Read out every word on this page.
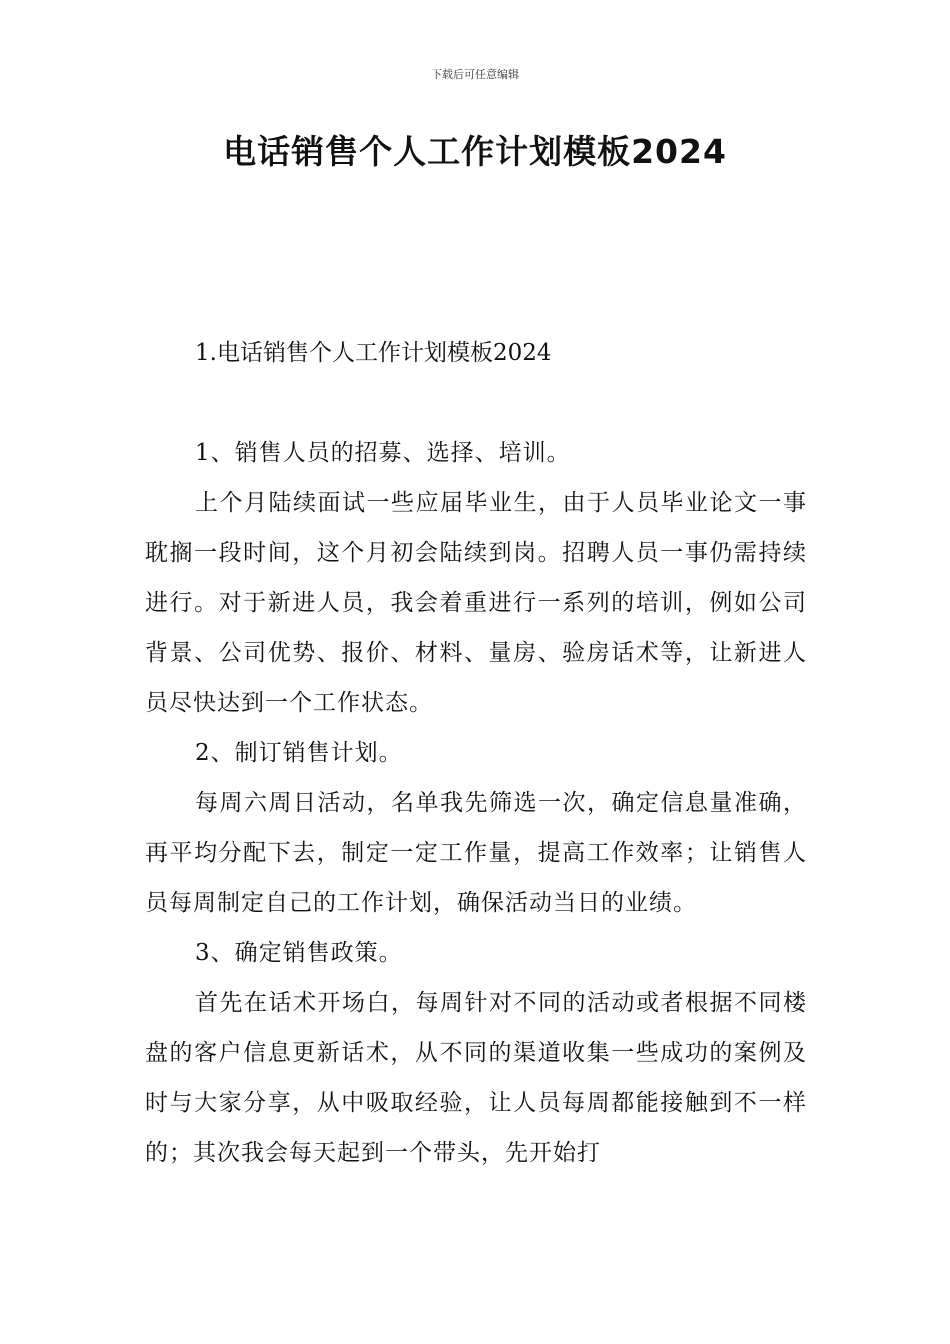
下载后可任意编辑
电话销售个人工作计划模板2024

1.电话销售个人工作计划模板2024

1、销售人员的招募、选择、培训。

上个月陆续面试一些应届毕业生，由于人员毕业论文一事耽搁一段时间，这个月初会陆续到岗。招聘人员一事仍需持续进行。对于新进人员，我会着重进行一系列的培训，例如公司背景、公司优势、报价、材料、量房、验房话术等，让新进人员尽快达到一个工作状态。

2、制订销售计划。

每周六周日活动，名单我先筛选一次，确定信息量准确，再平均分配下去，制定一定工作量，提高工作效率；让销售人员每周制定自己的工作计划，确保活动当日的业绩。

3、确定销售政策。

首先在话术开场白，每周针对不同的活动或者根据不同楼盘的客户信息更新话术，从不同的渠道收集一些成功的案例及时与大家分享，从中吸取经验，让人员每周都能接触到不一样的；其次我会每天起到一个带头，先开始打
